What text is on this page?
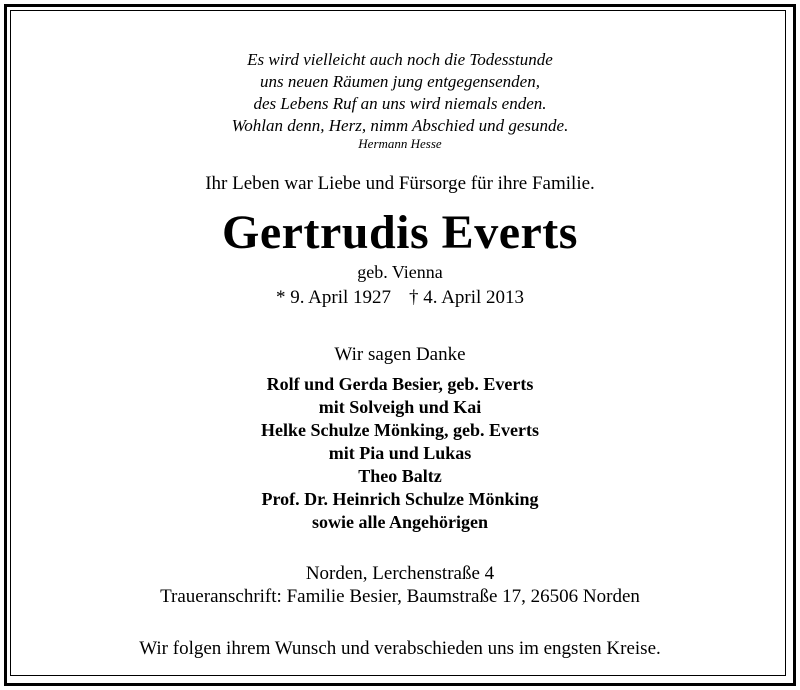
Es wird vielleicht auch noch die Todesstunde
uns neuen Räumen jung entgegensenden,
des Lebens Ruf an uns wird niemals enden.
Wohlan denn, Herz, nimm Abschied und gesunde.
Hermann Hesse
Ihr Leben war Liebe und Fürsorge für ihre Familie.
Gertrudis Everts
geb. Vienna
* 9. April 1927 † 4. April 2013
Wir sagen Danke
Rolf und Gerda Besier, geb. Everts
mit Solveigh und Kai
Helke Schulze Mönking, geb. Everts
mit Pia und Lukas
Theo Baltz
Prof. Dr. Heinrich Schulze Mönking
sowie alle Angehörigen
Norden, Lerchenstraße 4
Traueranschrift: Familie Besier, Baumstraße 17, 26506 Norden
Wir folgen ihrem Wunsch und verabschieden uns im engsten Kreise.
